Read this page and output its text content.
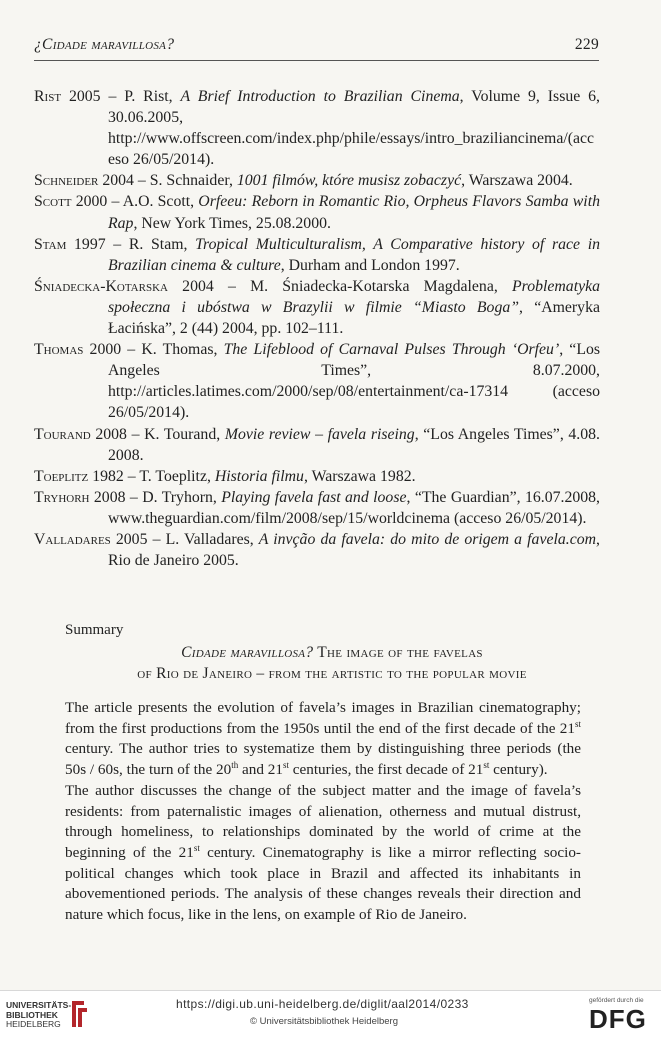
¿Cidade maravillosa?	229

Rist 2005 – P. Rist, A Brief Introduction to Brazilian Cinema, Volume 9, Issue 6, 30.06.2005, http://www.offscreen.com/index.php/phile/essays/intro_braziliancinema/(acceso 26/05/2014).

Schneider 2004 – S. Schnaider, 1001 filmów, które musisz zobaczyć, Warszawa 2004.

Scott 2000 – A.O. Scott, Orfeeu: Reborn in Romantic Rio, Orpheus Flavors Samba with Rap, New York Times, 25.08.2000.

Stam 1997 – R. Stam, Tropical Multiculturalism, A Comparative history of race in Brazilian cinema & culture, Durham and London 1997.

Śniadecka-Kotarska 2004 – M. Śniadecka-Kotarska Magdalena, Problematyka społeczna i ubóstwa w Brazylii w filmie “Miasto Boga”, “Ameryka Łacińska”, 2 (44) 2004, pp. 102–111.

Thomas 2000 – K. Thomas, The Lifeblood of Carnaval Pulses Through ‘Orfeu’, “Los Angeles Times”, 8.07.2000, http://articles.latimes.com/2000/sep/08/entertainment/ca-17314 (acceso 26/05/2014).

Tourand 2008 – K. Tourand, Movie review – favela riseing, “Los Angeles Times”, 4.08. 2008.

Toeplitz 1982 – T. Toeplitz, Historia filmu, Warszawa 1982.

Tryhorh 2008 – D. Tryhorn, Playing favela fast and loose, “The Guardian”, 16.07.2008, www.theguardian.com/film/2008/sep/15/worldcinema (acceso 26/05/2014).

Valladares 2005 – L. Valladares, A invção da favela: do mito de origem a favela.com, Rio de Janeiro 2005.

Summary
Cidade maravillosa? The image of the favelas
of Rio de Janeiro – from the artistic to the popular movie

The article presents the evolution of favela’s images in Brazilian cinematography; from the first productions from the 1950s until the end of the first decade of the 21st century. The author tries to systematize them by distinguishing three periods (the 50s / 60s, the turn of the 20th and 21st centuries, the first decade of 21st century).

The author discusses the change of the subject matter and the image of favela’s residents: from paternalistic images of alienation, otherness and mutual distrust, through homeliness, to relationships dominated by the world of crime at the beginning of the 21st century. Cinematography is like a mirror reflecting socio-political changes which took place in Brazil and affected its inhabitants in abovementioned periods. The analysis of these changes reveals their direction and nature which focus, like in the lens, on example of Rio de Janeiro.

UNIVERSITÄTS-
BIBLIOTHEK
HEIDELBERG
https://digi.ub.uni-heidelberg.de/diglit/aal2014/0233
© Universitätsbibliothek Heidelberg
gefördert durch die
DFG
